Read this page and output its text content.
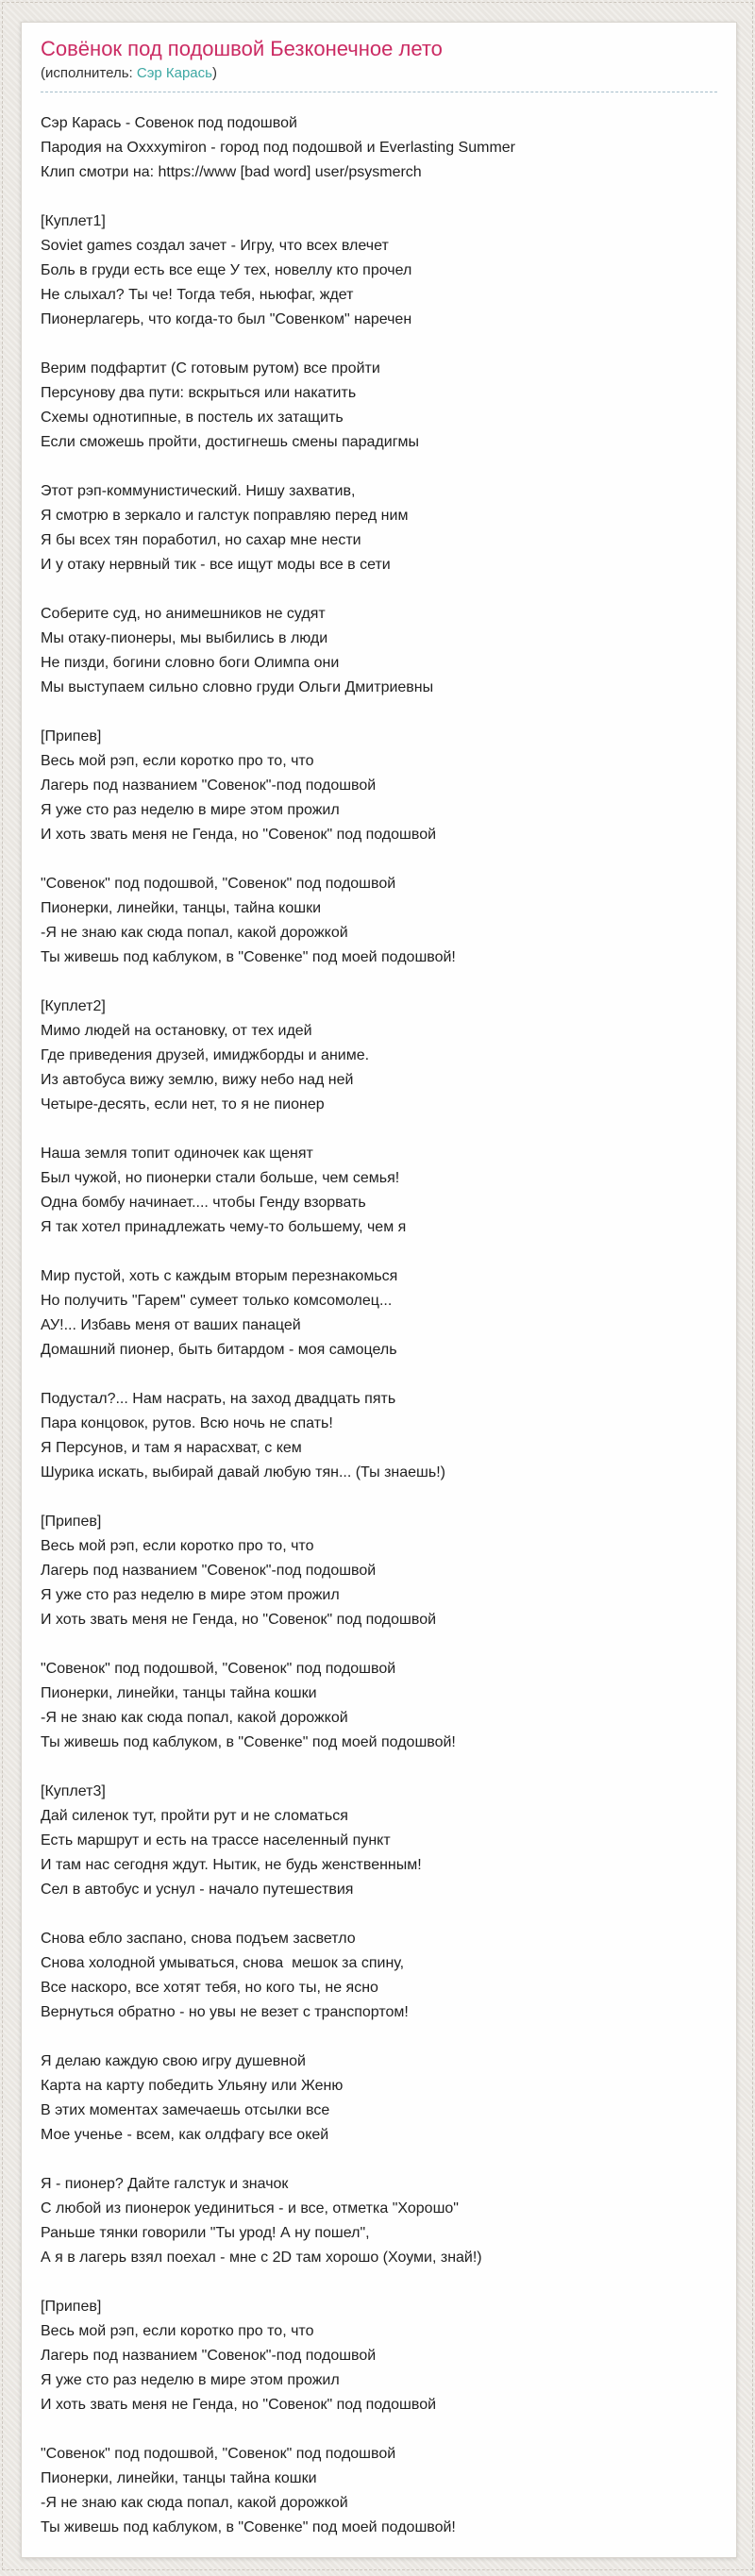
Совёнок под подошвой Безконечное лето
(исполнитель: Сэр Карась)
Сэр Карась - Совенок под подошвой
Пародия на Oxxxymiron - город под подошвой и Everlasting Summer
Клип смотри на: https://www [bad word] user/psysmerch
[Куплет1]
Soviet games создал зачет - Игру, что всех влечет
Боль в груди есть все еще У тех, новеллу кто прочел
Не слыхал? Ты че! Тогда тебя, ньюфаг, ждет
Пионерлагерь, что когда-то был "Совенком" наречен
Верим подфартит (С готовым рутом) все пройти
Персунову два пути: вскрыться или накатить
Схемы однотипные, в постель их затащить
Если сможешь пройти, достигнешь смены парадигмы
Этот рэп-коммунистический. Нишу захватив,
Я смотрю в зеркало и галстук поправляю перед ним
Я бы всех тян поработил, но сахар мне нести
И у отаку нервный тик - все ищут моды все в сети
Соберите суд, но анимешников не судят
Мы отаку-пионеры, мы выбились в люди
Не пизди, богини словно боги Олимпа они
Мы выступаем сильно словно груди Ольги Дмитриевны
[Припев]
Весь мой рэп, если коротко про то, что
Лагерь под названием "Совенок"-под подошвой
Я уже сто раз неделю в мире этом прожил
И хоть звать меня не Генда, но "Совенок" под подошвой
"Совенок" под подошвой, "Совенок" под подошвой
Пионерки, линейки, танцы, тайна кошки
-Я не знаю как сюда попал, какой дорожкой
Ты живешь под каблуком, в "Совенке" под моей подошвой!
[Куплет2]
Мимо людей на остановку, от тех идей
Где приведения друзей, имиджборды и аниме.
Из автобуса вижу землю, вижу небо над ней
Четыре-десять, если нет, то я не пионер
Наша земля топит одиночек как щенят
Был чужой, но пионерки стали больше, чем семья!
Одна бомбу начинает.... чтобы Генду взорвать
Я так хотел принадлежать чему-то большему, чем я
Мир пустой, хоть с каждым вторым перезнакомься
Но получить "Гарем" сумеет только комсомолец...
АУ!... Избавь меня от ваших панацей
Домашний пионер, быть битардом - моя самоцель
Подустал?... Нам насрать, на заход двадцать пять
Пара концовок, рутов. Всю ночь не спать!
Я Персунов, и там я нарасхват, с кем
Шурика искать, выбирай давай любую тян... (Ты знаешь!)
[Припев]
Весь мой рэп, если коротко про то, что
Лагерь под названием "Совенок"-под подошвой
Я уже сто раз неделю в мире этом прожил
И хоть звать меня не Генда, но "Совенок" под подошвой
"Совенок" под подошвой, "Совенок" под подошвой
Пионерки, линейки, танцы тайна кошки
-Я не знаю как сюда попал, какой дорожкой
Ты живешь под каблуком, в "Совенке" под моей подошвой!
[Куплет3]
Дай силенок тут, пройти рут и не сломаться
Есть маршрут и есть на трассе населенный пункт
И там нас сегодня ждут. Нытик, не будь женственным!
Сел в автобус и уснул - начало путешествия
Снова ебло заспано, снова подъем засветло
Снова холодной умываться, снова  мешок за спину,
Все наскоро, все хотят тебя, но кого ты, не ясно
Вернуться обратно - но увы не везет с транспортом!
Я делаю каждую свою игру душевной
Карта на карту победить Ульяну или Женю
В этих моментах замечаешь отсылки все
Мое ученье - всем, как олдфагу все окей
Я - пионер? Дайте галстук и значок
С любой из пионерок уединиться - и все, отметка "Хорошо"
Раньше тянки говорили "Ты урод! А ну пошел",
А я в лагерь взял поехал - мне с 2D там хорошо (Хоуми, знай!)
[Припев]
Весь мой рэп, если коротко про то, что
Лагерь под названием "Совенок"-под подошвой
Я уже сто раз неделю в мире этом прожил
И хоть звать меня не Генда, но "Совенок" под подошвой
"Совенок" под подошвой, "Совенок" под подошвой
Пионерки, линейки, танцы тайна кошки
-Я не знаю как сюда попал, какой дорожкой
Ты живешь под каблуком, в "Совенке" под моей подошвой!
